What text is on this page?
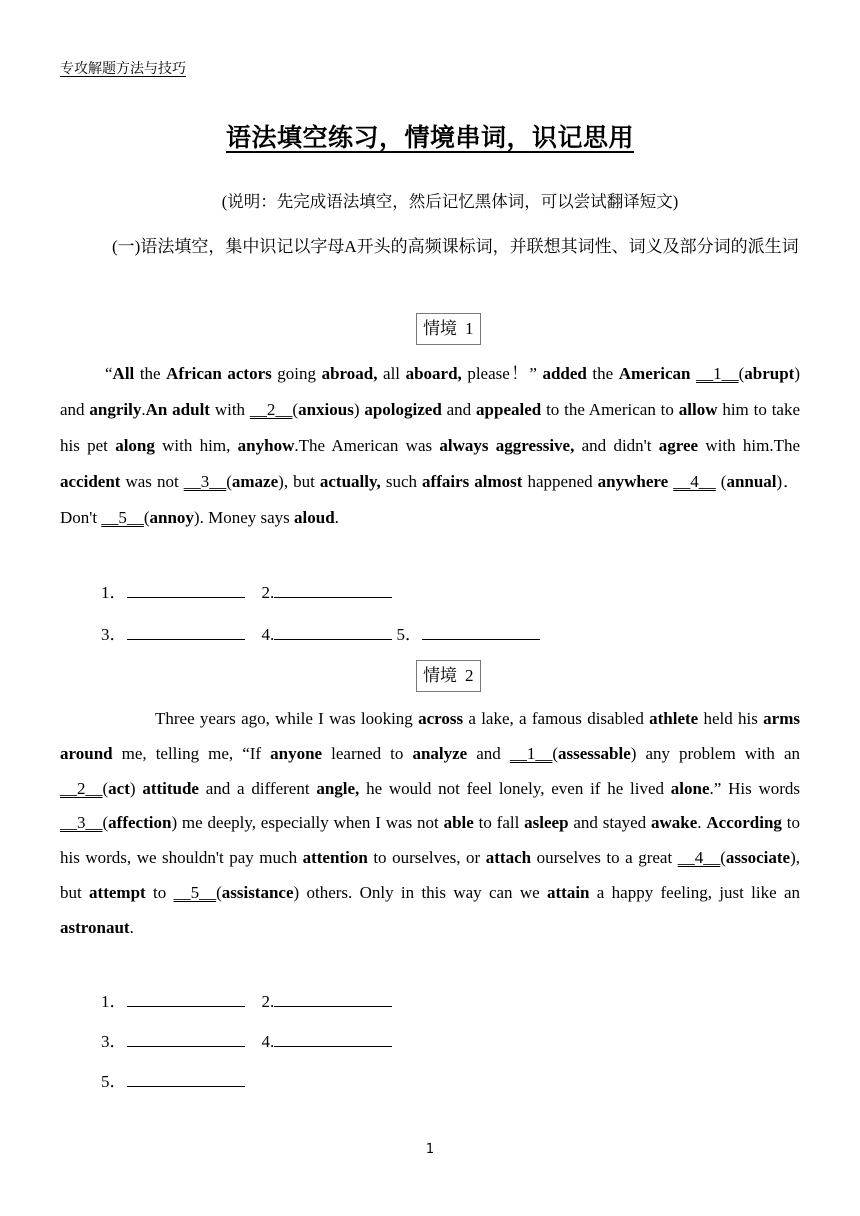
专攻解题方法与技巧
语法填空练习，情境串词，识记思用
(说明：先完成语法填空，然后记忆黑体词，可以尝试翻译短文)
(一)语法填空，集中识记以字母A开头的高频课标词，并联想其词性、词义及部分词的派生词
情境 1

“All the African actors going abroad, all aboard, please！” added the American __1__(abrupt) and angrily.An adult with __2__(anxious) apologized and appealed to the American to allow him to take his pet along with him, anyhow.The American was always aggressive, and didn't agree with him.The accident was not __3__(amaze), but actually, such affairs almost happened anywhere __4__ (annual)．Don't __5__(annoy). Money says aloud.

1．	2.
3．	4.	5．
情境 2

Three years ago, while I was looking across a lake, a famous disabled athlete held his arms around me, telling me, “If anyone learned to analyze and __1__(assessable) any problem with an __2__(act) attitude and a different angle, he would not feel lonely, even if he lived alone.” His words __3__(affection) me deeply, especially when I was not able to fall asleep and stayed awake. According to his words, we shouldn't pay much attention to ourselves, or attach ourselves to a great __4__(associate), but attempt to __5__(assistance) others. Only in this way can we attain a happy feeling, just like an astronaut.

1．	2.
3．	4.
5．
1
